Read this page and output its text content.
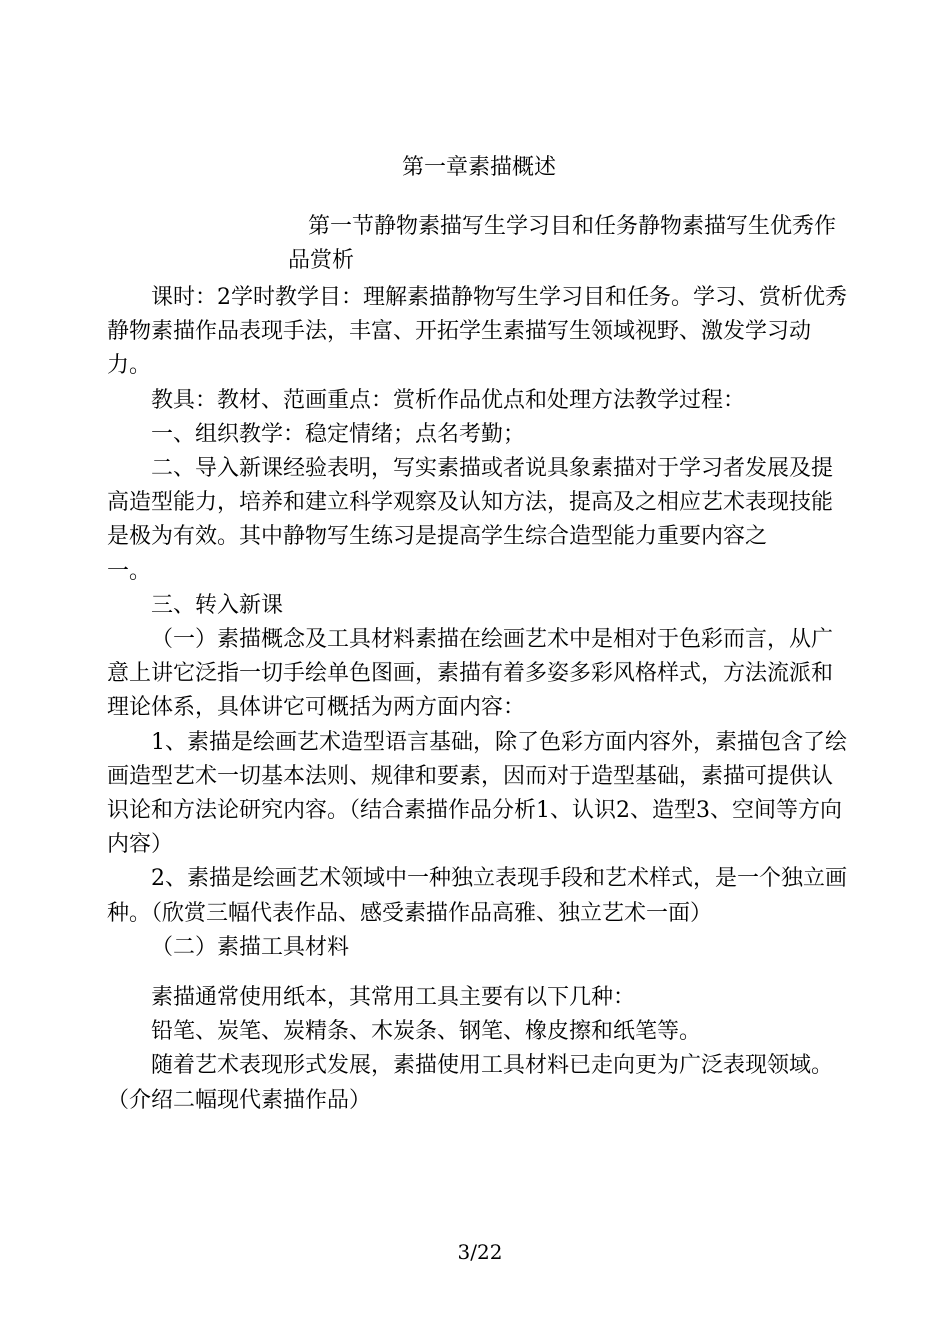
第一章素描概述
第一节静物素描写生学习目和任务静物素描写生优秀作品赏析

课时：2学时教学目：理解素描静物写生学习目和任务。学习、赏析优秀静物素描作品表现手法，丰富、开拓学生素描写生领域视野、激发学习动力。

教具：教材、范画重点：赏析作品优点和处理方法教学过程：

一、组织教学：稳定情绪；点名考勤；

二、导入新课经验表明，写实素描或者说具象素描对于学习者发展及提高造型能力，培养和建立科学观察及认知方法，提高及之相应艺术表现技能是极为有效。其中静物写生练习是提高学生综合造型能力重要内容之

一。

三、转入新课

（一）素描概念及工具材料素描在绘画艺术中是相对于色彩而言，从广意上讲它泛指一切手绘单色图画，素描有着多姿多彩风格样式，方法流派和理论体系，具体讲它可概括为两方面内容：

1、素描是绘画艺术造型语言基础，除了色彩方面内容外，素描包含了绘画造型艺术一切基本法则、规律和要素，因而对于造型基础，素描可提供认识论和方法论研究内容。（结合素描作品分析1、认识2、造型3、空间等方向内容）

2、素描是绘画艺术领域中一种独立表现手段和艺术样式，是一个独立画种。（欣赏三幅代表作品、感受素描作品高雅、独立艺术一面）

（二）素描工具材料

素描通常使用纸本，其常用工具主要有以下几种：

铅笔、炭笔、炭精条、木炭条、钢笔、橡皮擦和纸笔等。

随着艺术表现形式发展，素描使用工具材料已走向更为广泛表现领域。（介绍二幅现代素描作品）

3/22
